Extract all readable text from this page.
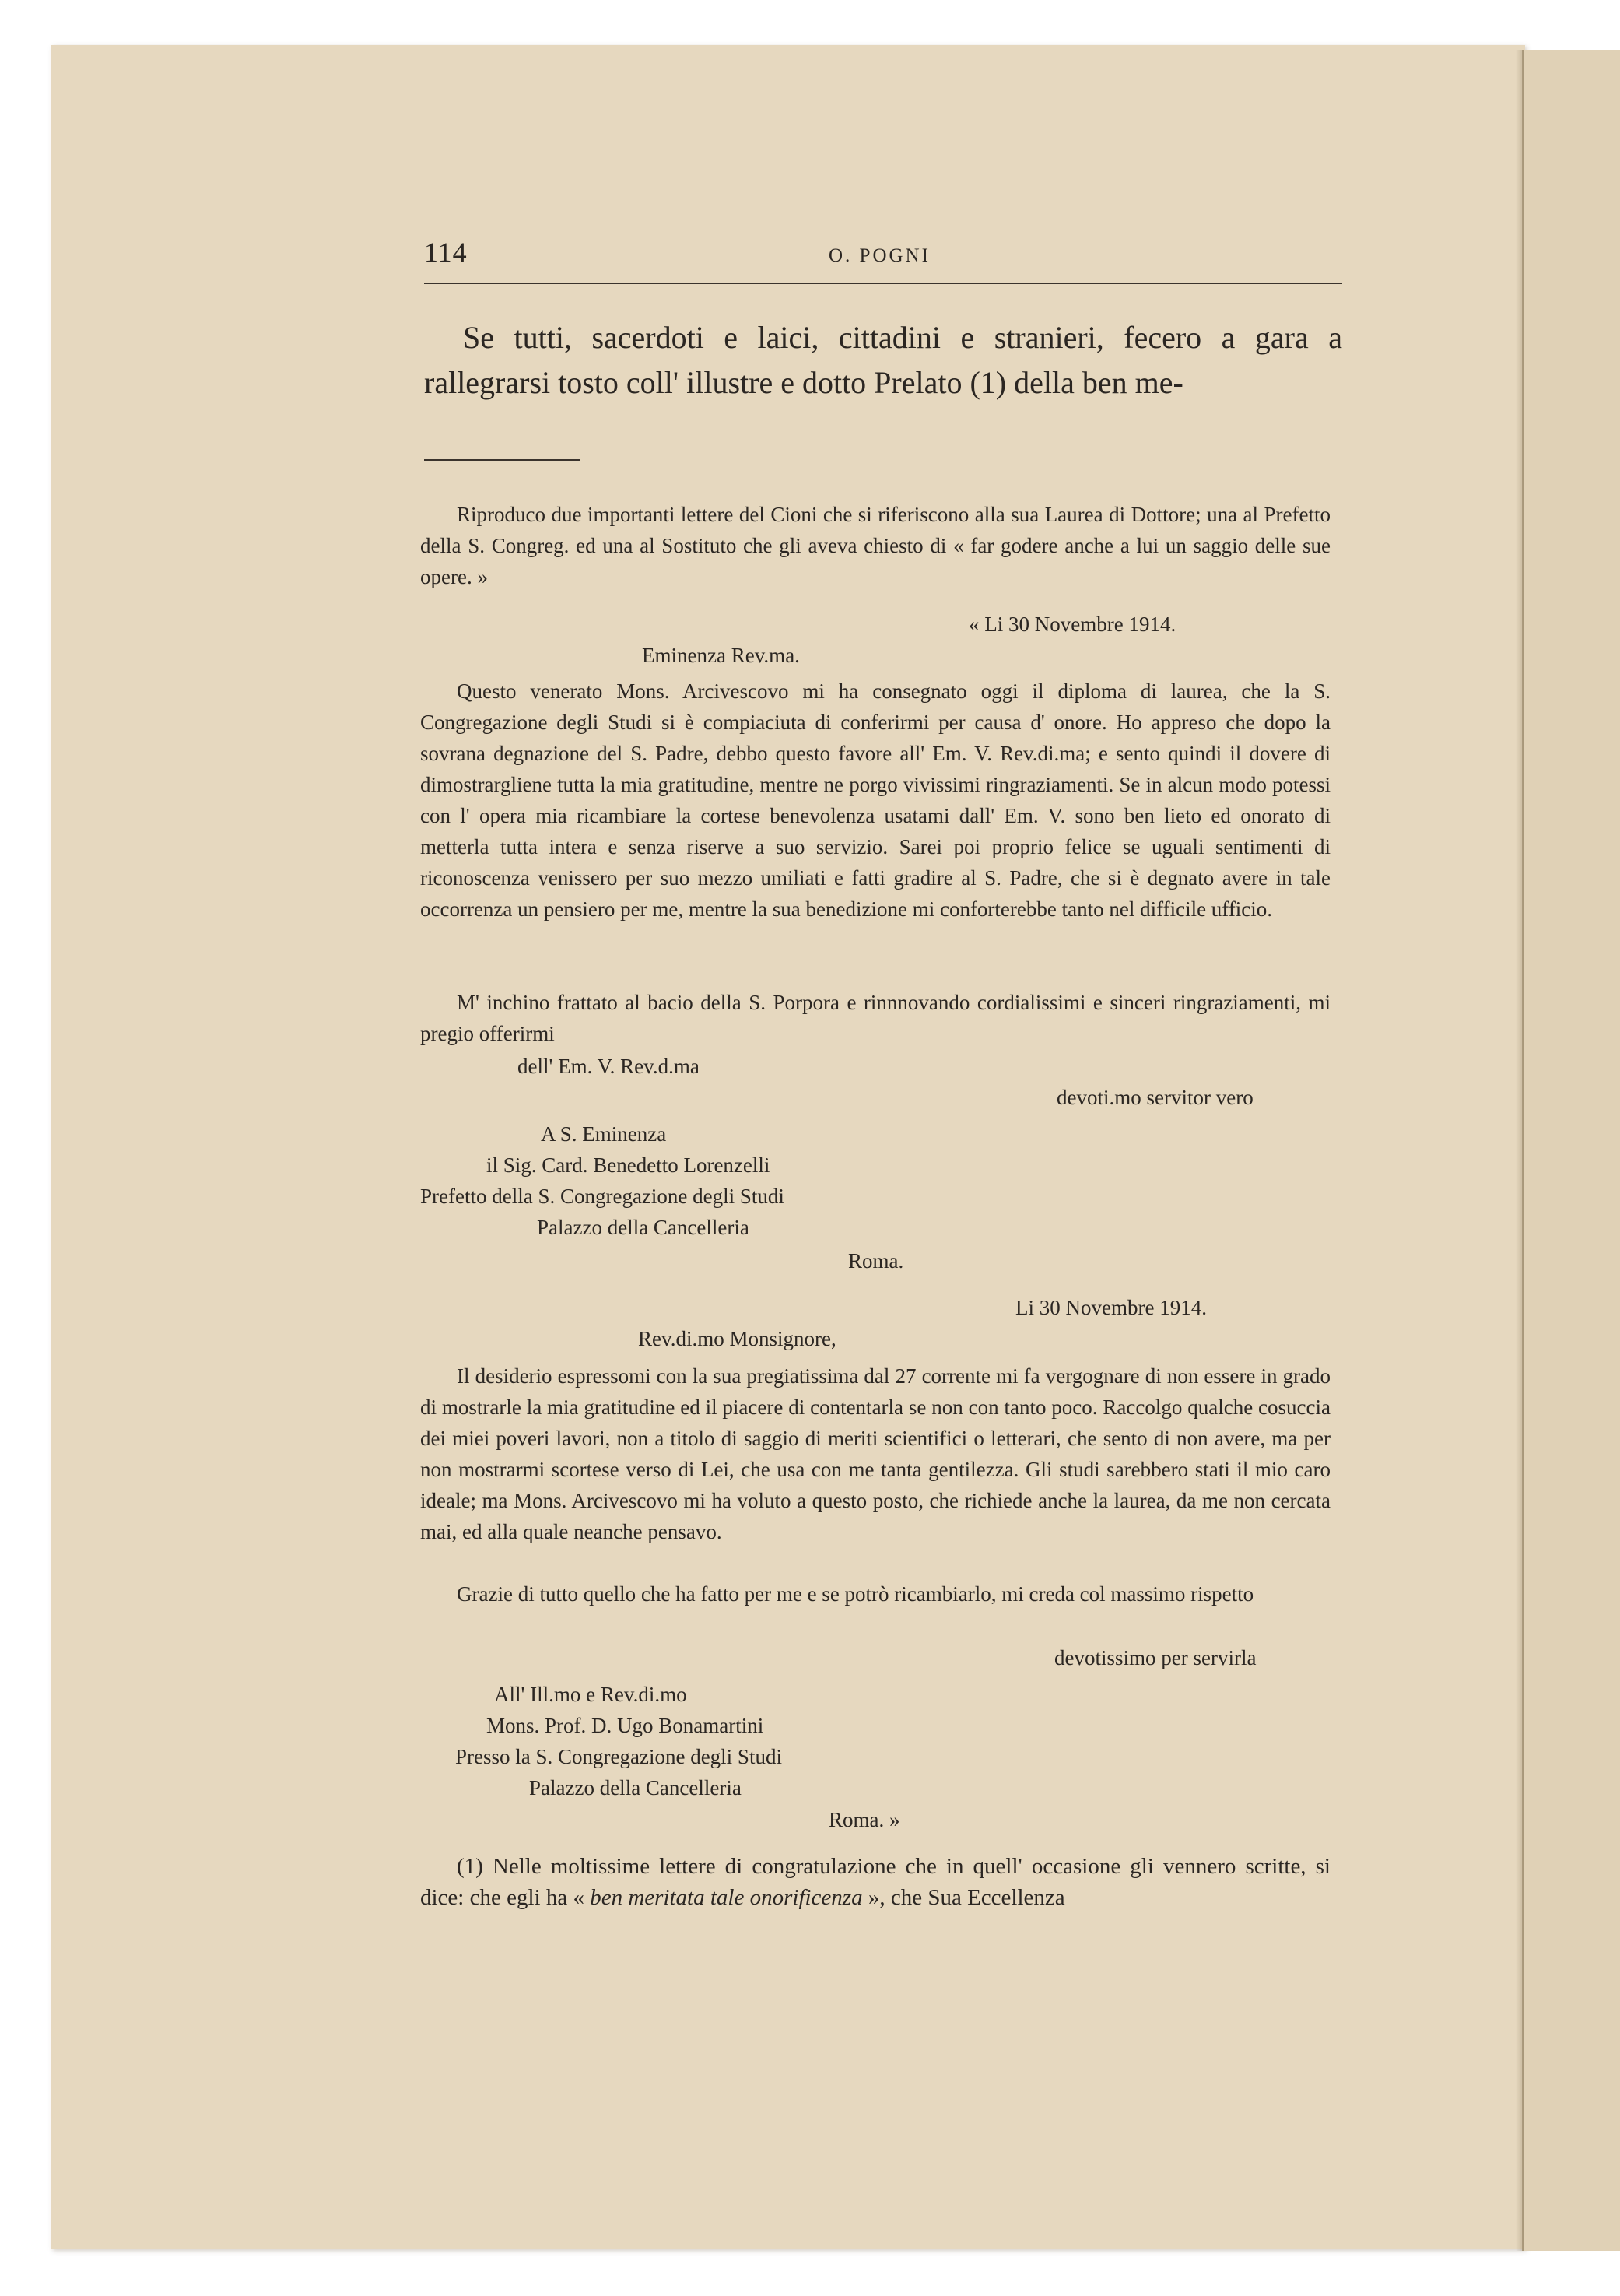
114	O. POGNI

Se tutti, sacerdoti e laici, cittadini e stranieri, fecero a gara a rallegrarsi tosto coll' illustre e dotto Prelato (1) della ben me-

Riproduco due importanti lettere del Cioni che si riferiscono alla sua Laurea di Dottore; una al Prefetto della S. Congreg. ed una al Sostituto che gli aveva chiesto di « far godere anche a lui un saggio delle sue opere. »

« Li 30 Novembre 1914.
Eminenza Rev.ma.

Questo venerato Mons. Arcivescovo mi ha consegnato oggi il diploma di laurea, che la S. Congregazione degli Studi si è compiaciuta di conferirmi per causa d' onore. Ho appreso che dopo la sovrana degnazione del S. Padre, debbo questo favore all' Em. V. Rev.di.ma; e sento quindi il dovere di dimostrargliene tutta la mia gratitudine, mentre ne porgo vivissimi ringraziamenti. Se in alcun modo potessi con l' opera mia ricambiare la cortese benevolenza usatami dall' Em. V. sono ben lieto ed onorato di metterla tutta intera e senza riserve a suo servizio. Sarei poi proprio felice se uguali sentimenti di riconoscenza venissero per suo mezzo umiliati e fatti gradire al S. Padre, che si è degnato avere in tale occorrenza un pensiero per me, mentre la sua benedizione mi conforterebbe tanto nel difficile ufficio.

M' inchino frattato al bacio della S. Porpora e rinnnovando cordialissimi e sinceri ringraziamenti, mi pregio offerirmi

dell' Em. V. Rev.d.ma
devoti.mo servitor vero
A S. Eminenza
il Sig. Card. Benedetto Lorenzelli
Prefetto della S. Congregazione degli Studi
Palazzo della Cancelleria
Roma.
Li 30 Novembre 1914.
Rev.di.mo Monsignore,

Il desiderio espressomi con la sua pregiatissima dal 27 corrente mi fa vergognare di non essere in grado di mostrarle la mia gratitudine ed il piacere di contentarla se non con tanto poco. Raccolgo qualche cosuccia dei miei poveri lavori, non a titolo di saggio di meriti scientifici o letterari, che sento di non avere, ma per non mostrarmi scortese verso di Lei, che usa con me tanta gentilezza. Gli studi sarebbero stati il mio caro ideale; ma Mons. Arcivescovo mi ha voluto a questo posto, che richiede anche la laurea, da me non cercata mai, ed alla quale neanche pensavo.

Grazie di tutto quello che ha fatto per me e se potrò ricambiarlo, mi creda col massimo rispetto

devotissimo per servirla
All' Ill.mo e Rev.di.mo
Mons. Prof. D. Ugo Bonamartini
Presso la S. Congregazione degli Studi
Palazzo della Cancelleria
Roma. »

(1) Nelle moltissime lettere di congratulazione che in quell' occasione gli vennero scritte, si dice: che egli ha « ben meritata tale onorificenza », che Sua Eccellenza
